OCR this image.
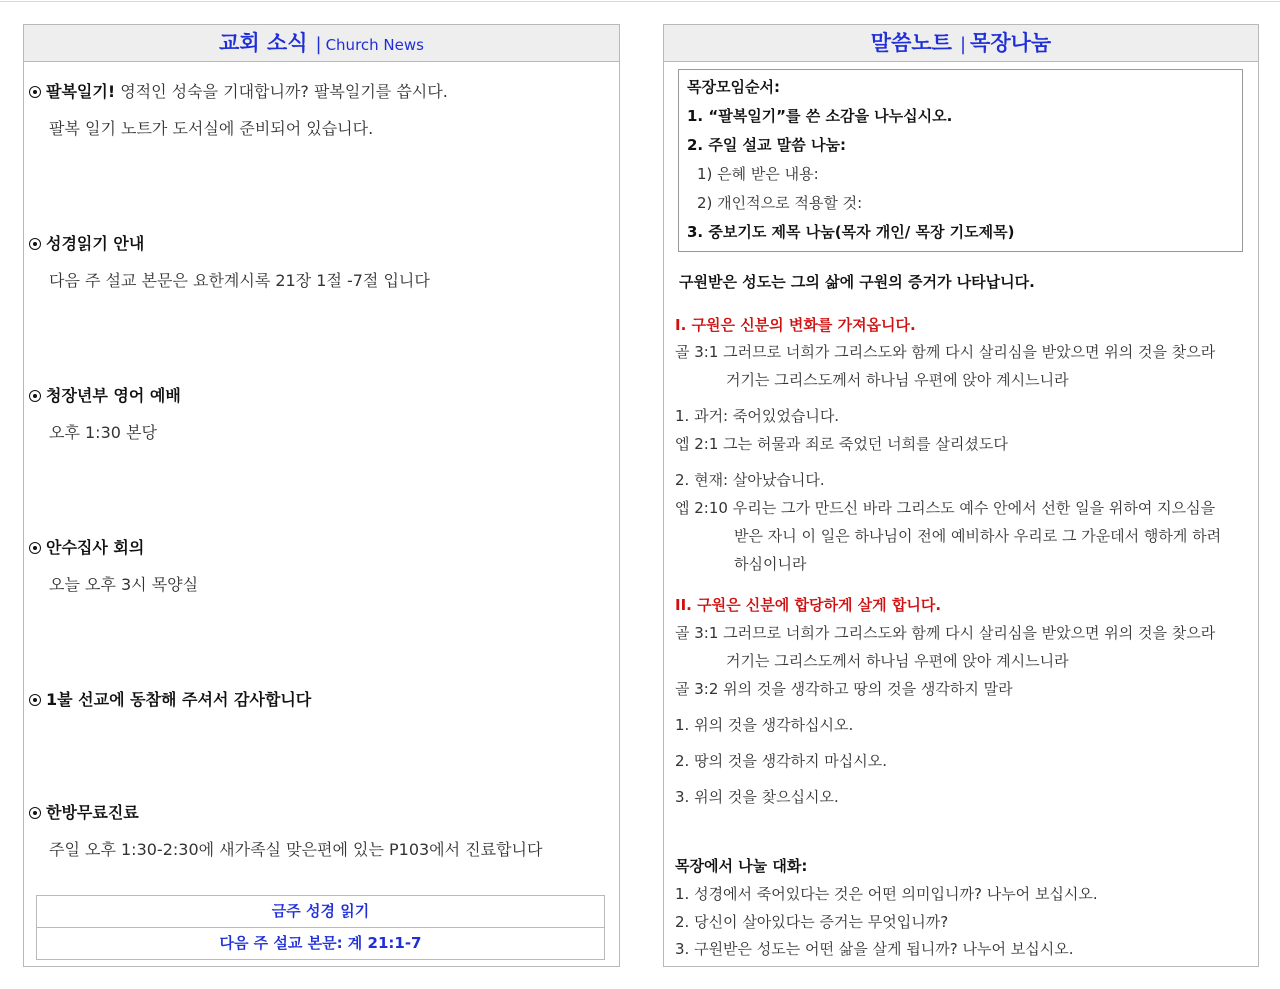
교회 소식 | Church News
팔복일기! 영적인 성숙을 기대합니까? 팔복일기를 씁시다.
팔복 일기 노트가 도서실에 준비되어 있습니다.
성경읽기 안내
다음 주 설교 본문은 요한계시록 21장 1절 -7절 입니다
청장년부 영어 예배
오후 1:30 본당
안수집사 회의
오늘 오후 3시 목양실
1불 선교에 동참해 주셔서 감사합니다
한방무료진료
주일 오후 1:30-2:30에 새가족실 맞은편에 있는 P103에서 진료합니다
금주 성경 읽기
다음 주 설교 본문: 계 21:1-7
말씀노트 | 목장나눔
목장모임순서:
1. “팔복일기”를 쓴 소감을 나누십시오.
2. 주일 설교 말씀 나눔:
1) 은혜 받은 내용:
2) 개인적으로 적용할 것:
3. 중보기도 제목 나눔(목자 개인/ 목장 기도제목)
구원받은 성도는 그의 삶에 구원의 증거가 나타납니다.
I. 구원은 신분의 변화를 가져옵니다.
골 3:1 그러므로 너희가 그리스도와 함께 다시 살리심을 받았으면 위의 것을 찾으라
거기는 그리스도께서 하나님 우편에 앉아 계시느니라
1. 과거: 죽어있었습니다.
엡 2:1 그는 허물과 죄로 죽었던 너희를 살리셨도다
2. 현재: 살아났습니다.
엡 2:10 우리는 그가 만드신 바라 그리스도 예수 안에서 선한 일을 위하여 지으심을
받은 자니 이 일은 하나님이 전에 예비하사 우리로 그 가운데서 행하게 하려
하심이니라
II. 구원은 신분에 합당하게 살게 합니다.
골 3:1 그러므로 너희가 그리스도와 함께 다시 살리심을 받았으면 위의 것을 찾으라
거기는 그리스도께서 하나님 우편에 앉아 계시느니라
골 3:2 위의 것을 생각하고 땅의 것을 생각하지 말라
1. 위의 것을 생각하십시오.
2. 땅의 것을 생각하지 마십시오.
3. 위의 것을 찾으십시오.
목장에서 나눌 대화:
1. 성경에서 죽어있다는 것은 어떤 의미입니까? 나누어 보십시오.
2. 당신이 살아있다는 증거는 무엇입니까?
3. 구원받은 성도는 어떤 삶을 살게 됩니까? 나누어 보십시오.
